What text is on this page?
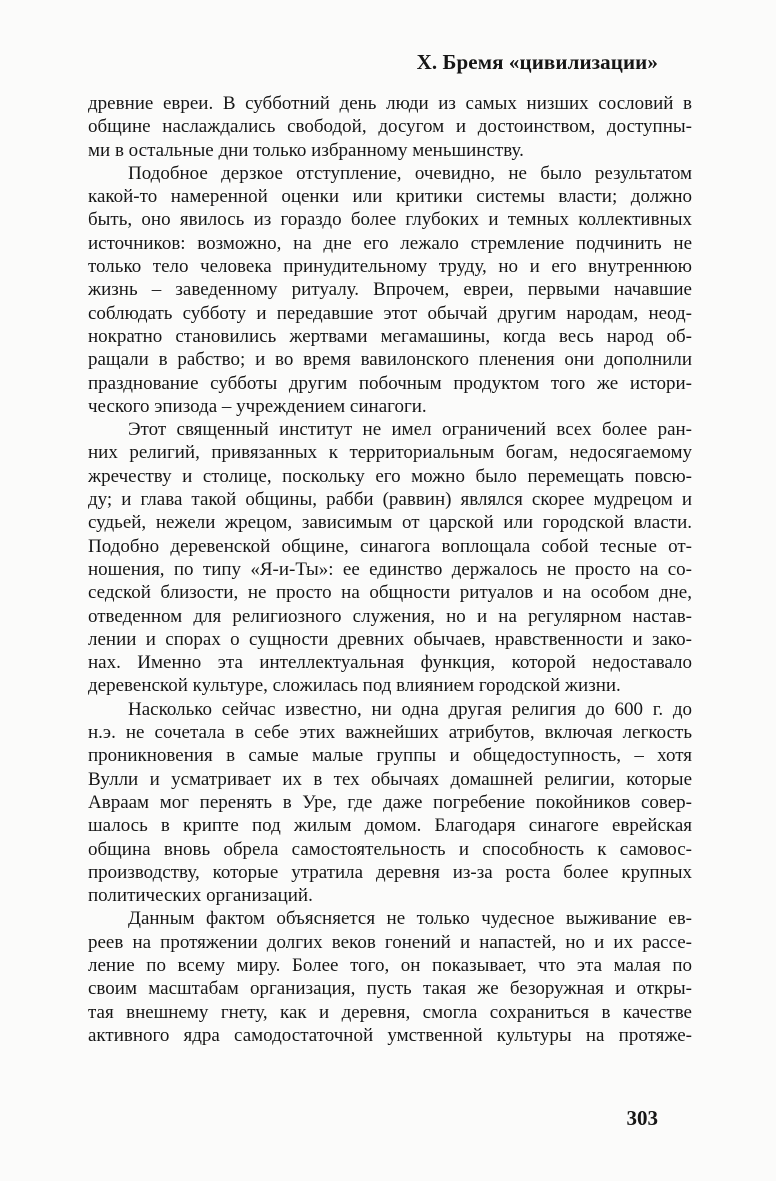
X. Бремя «цивилизации»
древние евреи. В субботний день люди из самых низших сословий в
общине наслаждались свободой, досугом и достоинством, доступны-
ми в остальные дни только избранному меньшинству.
Подобное дерзкое отступление, очевидно, не было результатом
какой-то намеренной оценки или критики системы власти; должно
быть, оно явилось из гораздо более глубоких и темных коллективных
источников: возможно, на дне его лежало стремление подчинить не
только тело человека принудительному труду, но и его внутреннюю
жизнь – заведенному ритуалу. Впрочем, евреи, первыми начавшие
соблюдать субботу и передавшие этот обычай другим народам, неод-
нократно становились жертвами мегамашины, когда весь народ об-
ращали в рабство; и во время вавилонского пленения они дополнили
празднование субботы другим побочным продуктом того же истори-
ческого эпизода – учреждением синагоги.
Этот священный институт не имел ограничений всех более ран-
них религий, привязанных к территориальным богам, недосягаемому
жречеству и столице, поскольку его можно было перемещать повсю-
ду; и глава такой общины, рабби (раввин) являлся скорее мудрецом и
судьей, нежели жрецом, зависимым от царской или городской власти.
Подобно деревенской общине, синагога воплощала собой тесные от-
ношения, по типу «Я-и-Ты»: ее единство держалось не просто на со-
седской близости, не просто на общности ритуалов и на особом дне,
отведенном для религиозного служения, но и на регулярном настав-
лении и спорах о сущности древних обычаев, нравственности и зако-
нах. Именно эта интеллектуальная функция, которой недоставало
деревенской культуре, сложилась под влиянием городской жизни.
Насколько сейчас известно, ни одна другая религия до 600 г. до
н.э. не сочетала в себе этих важнейших атрибутов, включая легкость
проникновения в самые малые группы и общедоступность, – хотя
Вулли и усматривает их в тех обычаях домашней религии, которые
Авраам мог перенять в Уре, где даже погребение покойников совер-
шалось в крипте под жилым домом. Благодаря синагоге еврейская
община вновь обрела самостоятельность и способность к самовос-
производству, которые утратила деревня из-за роста более крупных
политических организаций.
Данным фактом объясняется не только чудесное выживание ев-
реев на протяжении долгих веков гонений и напастей, но и их рассе-
ление по всему миру. Более того, он показывает, что эта малая по
своим масштабам организация, пусть такая же безоружная и откры-
тая внешнему гнету, как и деревня, смогла сохраниться в качестве
активного ядра самодостаточной умственной культуры на протяже-
303
